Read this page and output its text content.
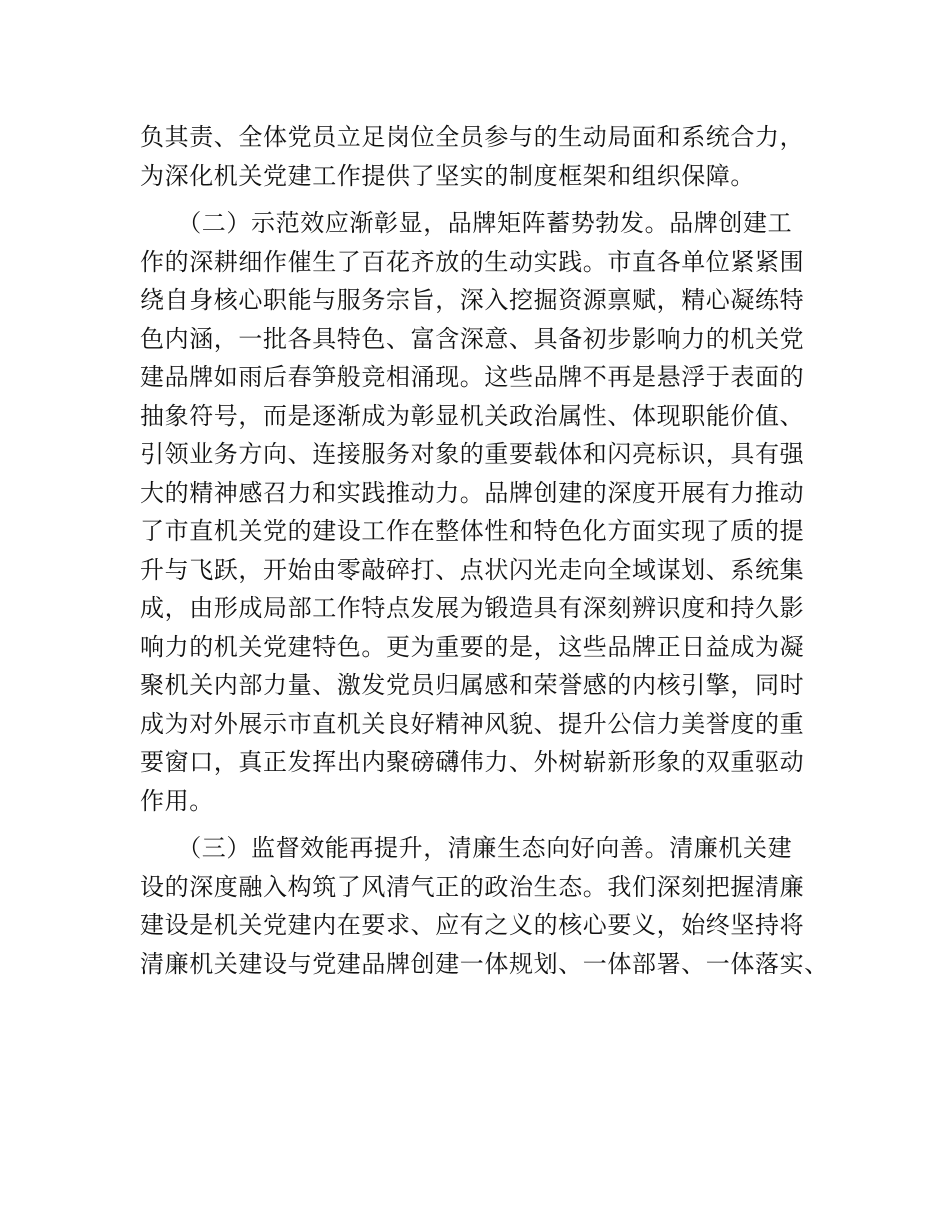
负其责、全体党员立足岗位全员参与的生动局面和系统合力，
为深化机关党建工作提供了坚实的制度框架和组织保障。
　　（二）示范效应渐彰显，品牌矩阵蓄势勃发。品牌创建工
作的深耕细作催生了百花齐放的生动实践。市直各单位紧紧围
绕自身核心职能与服务宗旨，深入挖掘资源禀赋，精心凝练特
色内涵，一批各具特色、富含深意、具备初步影响力的机关党
建品牌如雨后春笋般竞相涌现。这些品牌不再是悬浮于表面的
抽象符号，而是逐渐成为彰显机关政治属性、体现职能价值、
引领业务方向、连接服务对象的重要载体和闪亮标识，具有强
大的精神感召力和实践推动力。品牌创建的深度开展有力推动
了市直机关党的建设工作在整体性和特色化方面实现了质的提
升与飞跃，开始由零敲碎打、点状闪光走向全域谋划、系统集
成，由形成局部工作特点发展为锻造具有深刻辨识度和持久影
响力的机关党建特色。更为重要的是，这些品牌正日益成为凝
聚机关内部力量、激发党员归属感和荣誉感的内核引擎，同时
成为对外展示市直机关良好精神风貌、提升公信力美誉度的重
要窗口，真正发挥出内聚磅礴伟力、外树崭新形象的双重驱动
作用。
　　（三）监督效能再提升，清廉生态向好向善。清廉机关建
设的深度融入构筑了风清气正的政治生态。我们深刻把握清廉
建设是机关党建内在要求、应有之义的核心要义，始终坚持将
清廉机关建设与党建品牌创建一体规划、一体部署、一体落实、
